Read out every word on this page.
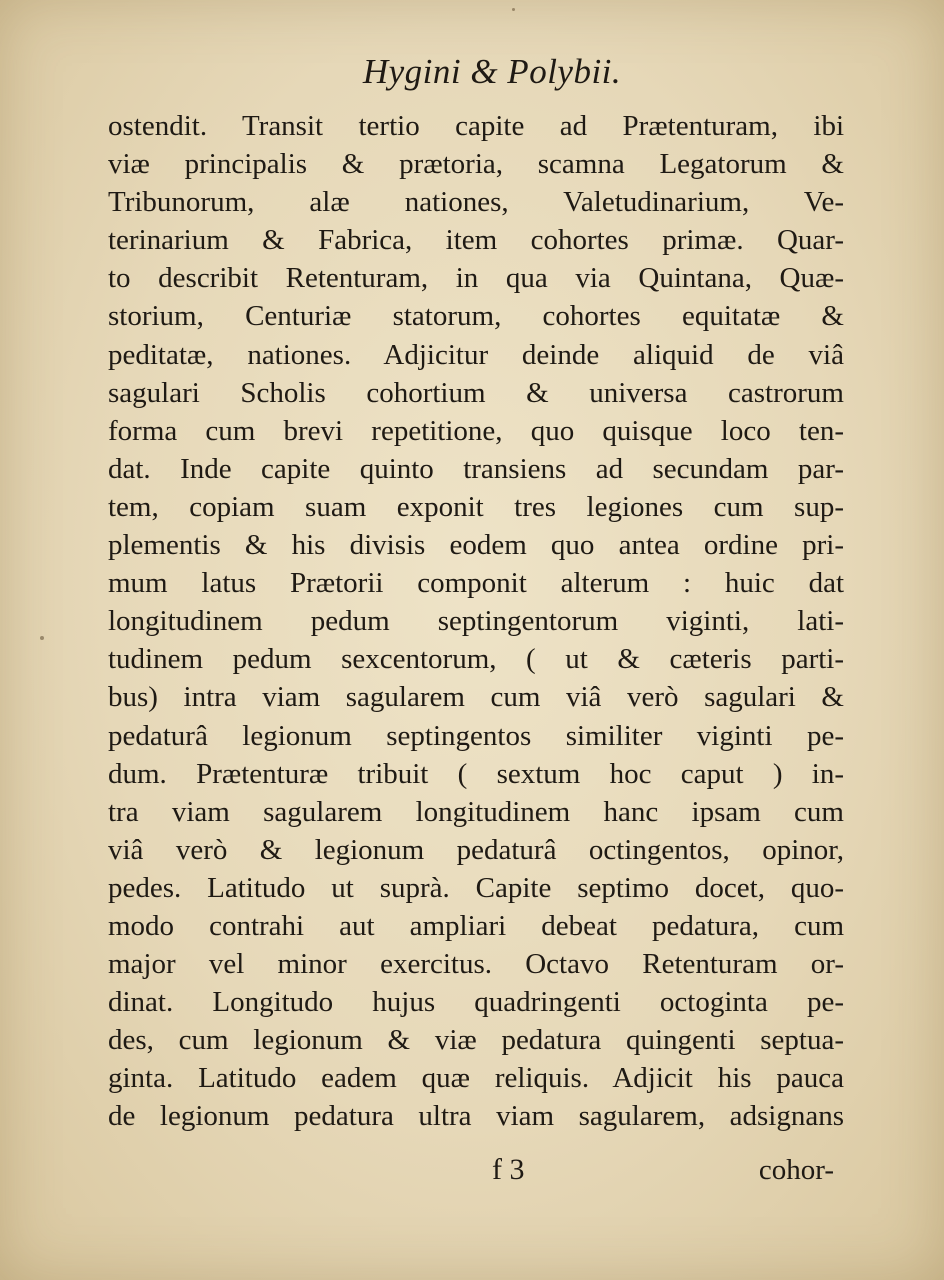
Hygini & Polybii.
ostendit. Transit tertio capite ad Prætenturam, ibi
viæ principalis & prætoria, scamna Legatorum &
Tribunorum, alæ nationes, Valetudinarium, Ve-
terinarium & Fabrica, item cohortes primæ. Quar-
to describit Retenturam, in qua via Quintana, Quæ-
storium, Centuriæ statorum, cohortes equitatæ &
peditatæ, nationes. Adjicitur deinde aliquid de viâ
sagulari Scholis cohortium & universa castrorum
forma cum brevi repetitione, quo quisque loco ten-
dat. Inde capite quinto transiens ad secundam par-
tem, copiam suam exponit tres legiones cum sup-
plementis & his divisis eodem quo antea ordine pri-
mum latus Prætorii componit alterum : huic dat
longitudinem pedum septingentorum viginti, lati-
tudinem pedum sexcentorum, ( ut & cæteris parti-
bus) intra viam sagularem cum viâ verò sagulari &
pedaturâ legionum septingentos similiter viginti pe-
dum. Prætenturæ tribuit ( sextum hoc caput ) in-
tra viam sagularem longitudinem hanc ipsam cum
viâ verò & legionum pedaturâ octingentos, opinor,
pedes. Latitudo ut suprà. Capite septimo docet, quo-
modo contrahi aut ampliari debeat pedatura, cum
major vel minor exercitus. Octavo Retenturam or-
dinat. Longitudo hujus quadringenti octoginta pe-
des, cum legionum & viæ pedatura quingenti septua-
ginta. Latitudo eadem quæ reliquis. Adjicit his pauca
de legionum pedatura ultra viam sagularem, adsignans
f 3	cohor-
